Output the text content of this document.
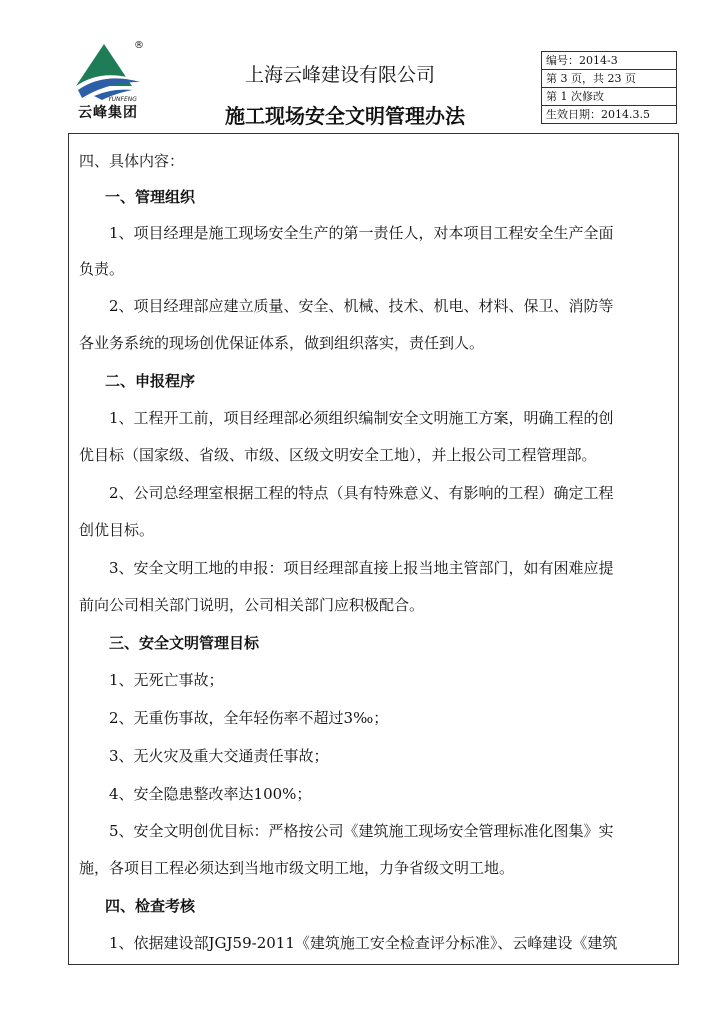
®
YUNFENG
云峰集团
上海云峰建设有限公司
施工现场安全文明管理办法
编号：2014-3
第 3 页，共 23 页
第 1 次修改
生效日期：2014.3.5
四、具体内容：
一、管理组织
1、项目经理是施工现场安全生产的第一责任人，对本项目工程安全生产全面
负责。
2、项目经理部应建立质量、安全、机械、技术、机电、材料、保卫、消防等
各业务系统的现场创优保证体系，做到组织落实，责任到人。
二、申报程序
1、工程开工前，项目经理部必须组织编制安全文明施工方案，明确工程的创
优目标（国家级、省级、市级、区级文明安全工地），并上报公司工程管理部。
2、公司总经理室根据工程的特点（具有特殊意义、有影响的工程）确定工程
创优目标。
3、安全文明工地的申报：项目经理部直接上报当地主管部门，如有困难应提
前向公司相关部门说明，公司相关部门应积极配合。
三、安全文明管理目标
1、无死亡事故；
2、无重伤事故，全年轻伤率不超过3‰；
3、无火灾及重大交通责任事故；
4、安全隐患整改率达100%；
5、安全文明创优目标：严格按公司《建筑施工现场安全管理标准化图集》实
施，各项目工程必须达到当地市级文明工地，力争省级文明工地。
四、检查考核
1、依据建设部JGJ59-2011《建筑施工安全检查评分标准》、云峰建设《建筑
